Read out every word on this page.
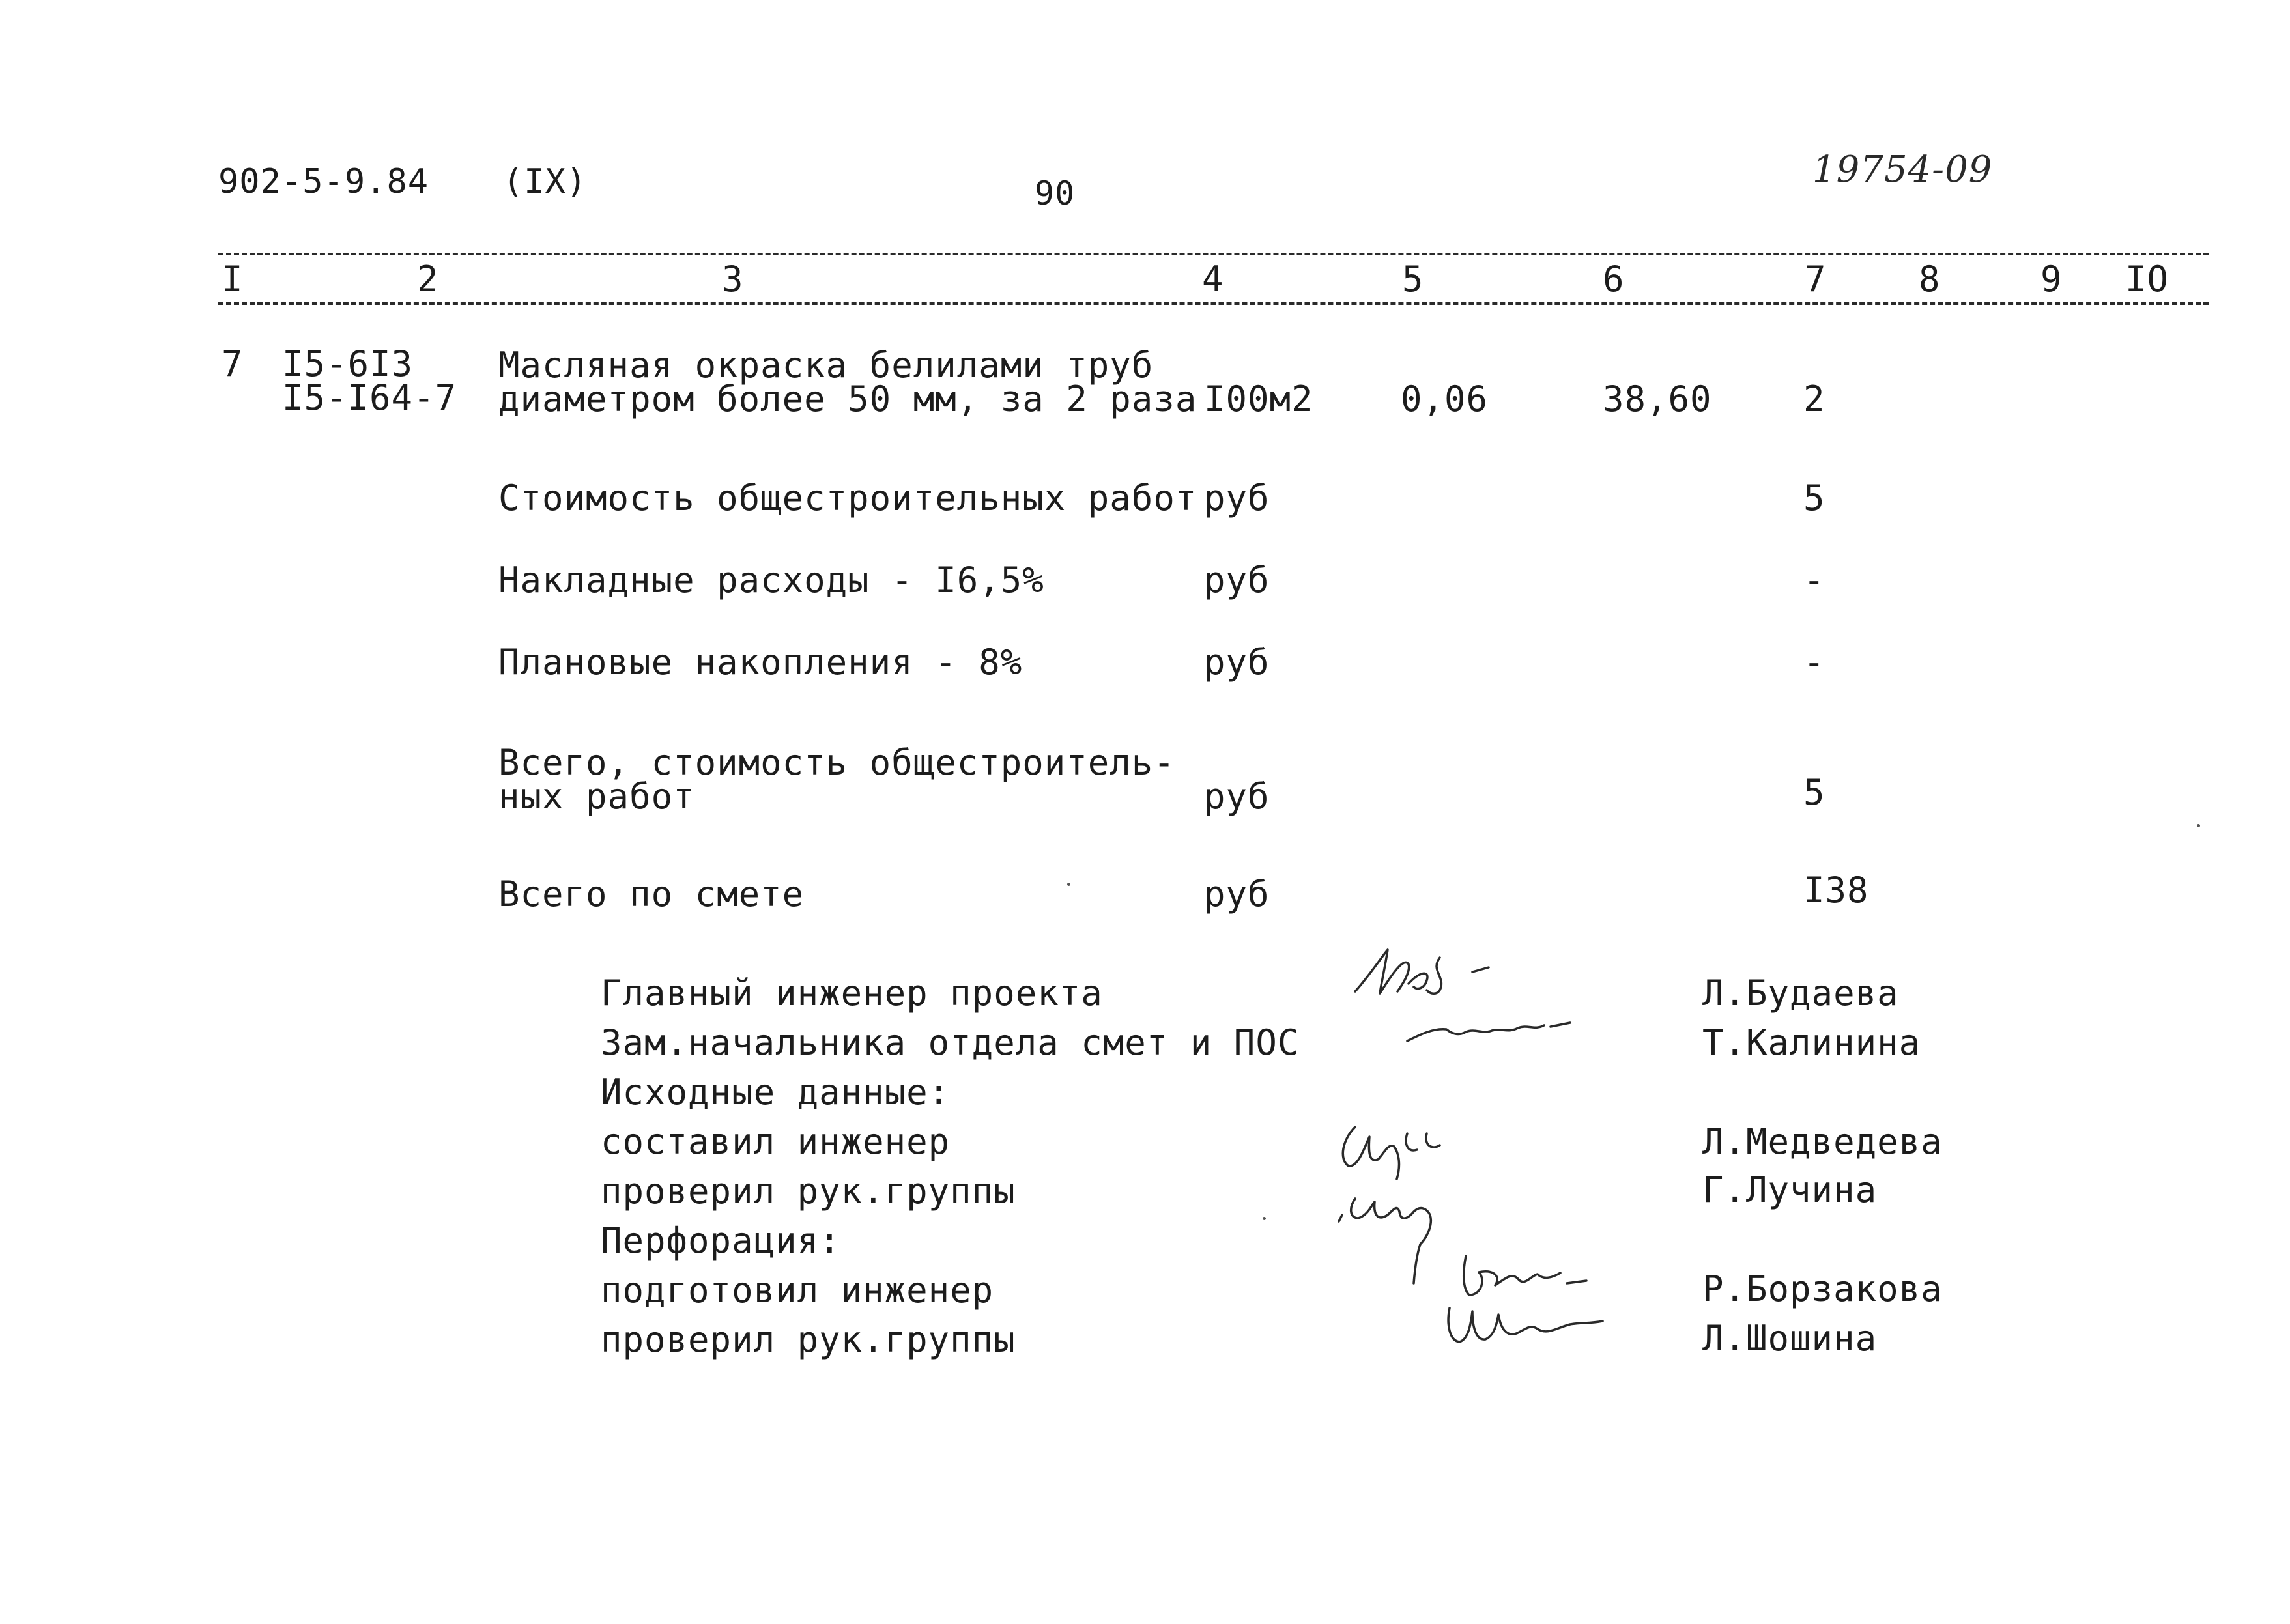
902-5-9.84 (IX)	90
19754-09
I	2	3	4	5	6	7	8	9 IO
7 I5-6I3
I5-I64-7
Масляная окраска белилами труб
диаметром более 50 мм, за 2 раза I00м2 0,06	38,60	2
Стоимость общестроительных работ руб	5
Накладные расходы - I6,5%	руб	-
Плановые накопления - 8%	руб	-
Всего, стоимость общестроитель-
ных работ	руб	5
Всего по смете	руб	I38
Главный инженер проекта	Л.Будаева
Зам.начальника отдела смет и ПОС	Т.Калинина
Исходные данные:
составил инженер	Л.Медведева
проверил рук.группы	Г.Лучина
Перфорация:
подготовил инженер	Р.Борзакова
проверил рук.группы	Л.Шошина
